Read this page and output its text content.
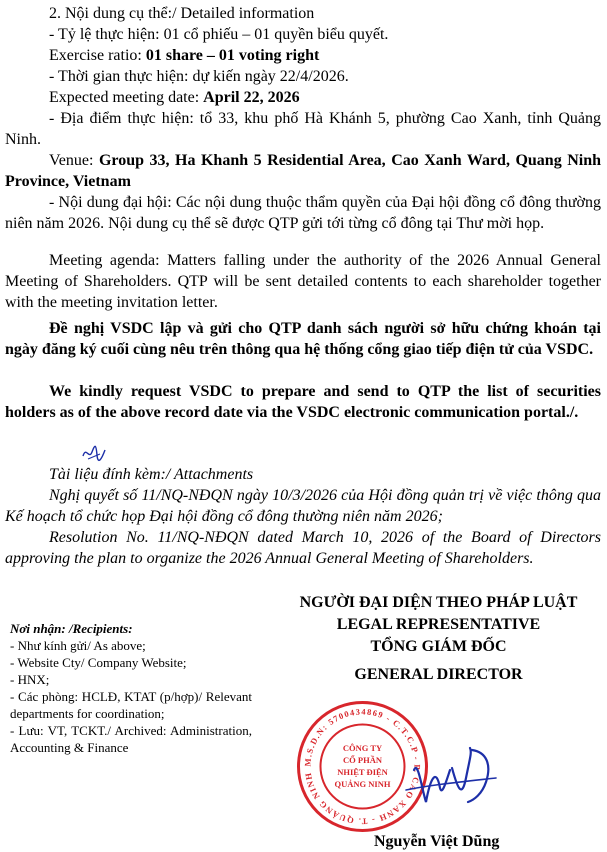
2. Nội dung cụ thể:/ Detailed information

- Tỷ lệ thực hiện: 01 cổ phiếu – 01 quyền biểu quyết.

Exercise ratio: 01 share – 01 voting right

- Thời gian thực hiện: dự kiến ngày 22/4/2026.

Expected meeting date: April 22, 2026

- Địa điểm thực hiện: tổ 33, khu phố Hà Khánh 5, phường Cao Xanh, tỉnh Quảng Ninh.

Venue: Group 33, Ha Khanh 5 Residential Area, Cao Xanh Ward, Quang Ninh Province, Vietnam

- Nội dung đại hội: Các nội dung thuộc thẩm quyền của Đại hội đồng cổ đông thường niên năm 2026. Nội dung cụ thể sẽ được QTP gửi tới từng cổ đông tại Thư mời họp.

Meeting agenda: Matters falling under the authority of the 2026 Annual General Meeting of Shareholders. QTP will be sent detailed contents to each shareholder together with the meeting invitation letter.

Đề nghị VSDC lập và gửi cho QTP danh sách người sở hữu chứng khoán tại ngày đăng ký cuối cùng nêu trên thông qua hệ thống cổng giao tiếp điện tử của VSDC.

We kindly request VSDC to prepare and send to QTP the list of securities holders as of the above record date via the VSDC electronic communication portal./.

Tài liệu đính kèm:/ Attachments

Nghị quyết số 11/NQ-NĐQN ngày 10/3/2026 của Hội đồng quản trị về việc thông qua Kế hoạch tổ chức họp Đại hội đồng cổ đông thường niên năm 2026;

Resolution No. 11/NQ-NĐQN dated March 10, 2026 of the Board of Directors approving the plan to organize the 2026 Annual General Meeting of Shareholders.

NGƯỜI ĐẠI DIỆN THEO PHÁP LUẬT
LEGAL REPRESENTATIVE
TỔNG GIÁM ĐỐC
GENERAL DIRECTOR
Nơi nhận: /Recipients:
- Như kính gửi/ As above;
- Website Cty/ Company Website;
- HNX;
- Các phòng: HCLĐ, KTAT (p/hợp)/ Relevant departments for coordination;
- Lưu: VT, TCKT./ Archived: Administration, Accounting & Finance
M.S.D.N: 5700434869 - C.T.C.P - P. CAO XANH - T. QUẢNG NINH
CÔNG TY
CỔ PHẦN
NHIỆT ĐIỆN
QUẢNG NINH
Nguyễn Việt Dũng
